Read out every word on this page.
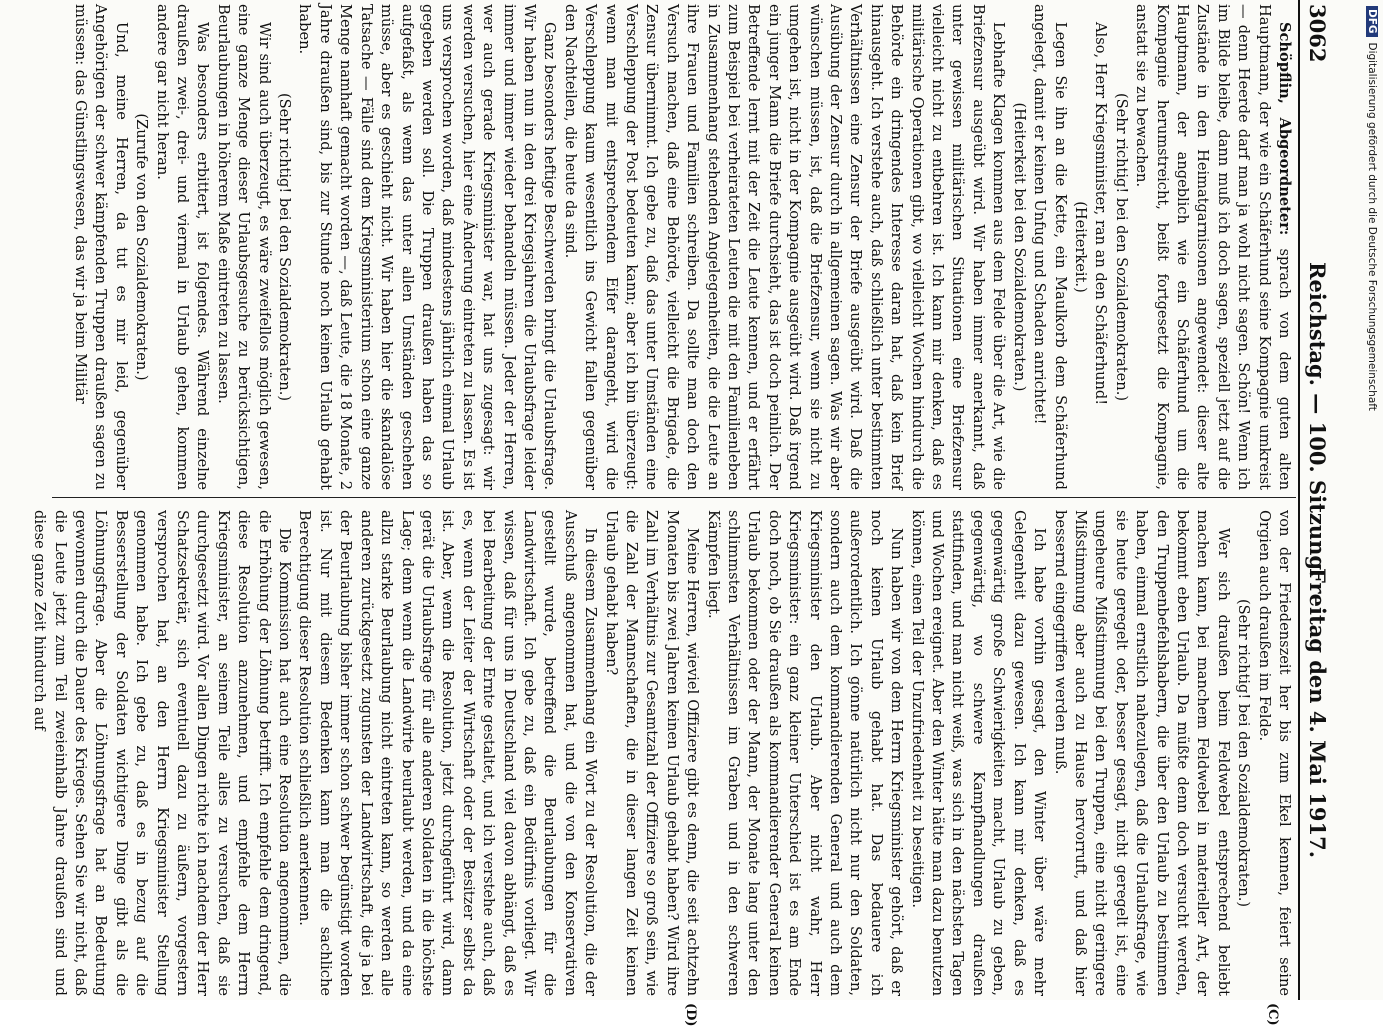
3062
Reichstag. — 100. Sitzung.
Freitag den 4. Mai 1917.
(C)
(D)

Schöpflin, Abgeordneter: sprach von dem guten alten Hauptmann, der wie ein Schäferhund seine Kompagnie umkreist — denn Heerde darf man ja wohl nicht sagen. Schön! Wenn ich im Bilde bleibe, dann muß ich doch sagen, speziell jetzt auf die Zustände in den Heimatgarnisonen angewendet: dieser alte Hauptmann, der angeblich wie ein Schäferhund um die Kompagnie herumstreicht, beißt fortgesetzt die Kompagnie, anstatt sie zu bewachen.

(Sehr richtig! bei den Sozialdemokraten.)

Also, Herr Kriegsminister, ran an den Schäferhund!

(Heiterkeit.)

Legen Sie ihn an die Kette, ein Maulkorb dem Schäferhund angelegt, damit er keinen Unfug und Schaden anrichtet!

(Heiterkeit bei den Sozialdemokraten.)

Lebhafte Klagen kommen aus dem Felde über die Art, wie die Briefzensur ausgeübt wird. Wir haben immer anerkannt, daß unter gewissen militärischen Situationen eine Briefzensur vielleicht nicht zu entbehren ist. Ich kann mir denken, daß es militärische Operationen gibt, wo vielleicht Wochen hindurch die Behörde ein dringendes Interesse daran hat, daß kein Brief hinausgeht. Ich verstehe auch, daß schließlich unter bestimmten Verhältnissen eine Zensur der Briefe ausgeübt wird. Daß die Ausübung der Zensur durch in allgemeinen sagen. Was wir aber wünschen müssen, ist, daß die Briefzensur, wenn sie nicht zu umgehen ist, nicht in der Kompagnie ausgeübt wird. Daß irgend ein junger Mann die Briefe durchsieht, das ist doch peinlich. Der Betreffende lernt mit der Zeit die Leute kennen, und er erfährt zum Beispiel bei verheirateten Leuten die mit den Familienleben in Zusammenhang stehenden Angelegenheiten, die die Leute an ihre Frauen und Familien schreiben. Da sollte man doch den Versuch machen, daß eine Behörde, vielleicht die Brigade, die Zensur übernimmt. Ich gebe zu, daß das unter Umständen eine Verschleppung der Post bedeuten kann; aber ich bin überzeugt: wenn man mit entsprechendem Eifer darangeht, wird die Verschleppung kaum wesentlich ins Gewicht fallen gegenüber den Nachteilen, die heute da sind.

Ganz besonders heftige Beschwerden bringt die Urlaubsfrage. Wir haben nun in den drei Kriegsjahren die Urlaubsfrage leider immer und immer wieder behandeln müssen. Jeder der Herren, wer auch gerade Kriegsminister war, hat uns zugesagt: wir werden versuchen, hier eine Änderung eintreten zu lassen. Es ist uns versprochen worden, daß mindestens jährlich einmal Urlaub gegeben werden soll. Die Truppen draußen haben das so aufgefaßt, als wenn das unter allen Umständen geschehen müsse, aber es geschieht nicht. Wir haben hier die skandalöse Tatsache — Fälle sind dem Kriegsministerium schon eine ganze Menge namhaft gemacht worden —, daß Leute, die 18 Monate, 2 Jahre draußen sind, bis zur Stunde noch keinen Urlaub gehabt haben.

(Sehr richtig! bei den Sozialdemokraten.)

Wir sind auch überzeugt, es wäre zweifellos möglich gewesen, eine ganze Menge dieser Urlaubsgesuche zu berücksichtigen, Beurlaubungen in höherem Maße eintreten zu lassen.

Was besonders erbittert, ist folgendes. Während einzelne draußen zwei-, drei- und viermal in Urlaub gehen, kommen andere gar nicht heran.

(Zurufe von den Sozialdemokraten.)

Und, meine Herren, da tut es mir leid, gegenüber Angehörigen der schwer kämpfenden Truppen draußen sagen zu müssen: das Günstlingswesen, das wir ja beim Militär

von der Friedenszeit her bis zum Ekel kennen, feiert seine Orgien auch draußen im Felde.

(Sehr richtig! bei den Sozialdemokraten.)

Wer sich draußen beim Feldwebel entsprechend beliebt machen kann, bei manchem Feldwebel in materieller Art, der bekommt eben Urlaub. Da müßte denn doch versucht werden, den Truppenbefehlshabern, die über den Urlaub zu bestimmen haben, einmal ernstlich nahezulegen, daß die Urlaubsfrage, wie sie heute geregelt oder, besser gesagt, nicht geregelt ist, eine ungeheure Mißstimmung bei den Truppen, eine nicht geringere Mißstimmung aber auch zu Hause hervorruft, und daß hier bessernd eingegriffen werden muß.

Ich habe vorhin gesagt, den Winter über wäre mehr Gelegenheit dazu gewesen. Ich kann mir denken, daß es gegenwärtig große Schwierigkeiten macht, Urlaub zu geben, gegenwärtig, wo schwere Kampfhandlungen draußen stattfinden, und man nicht weiß, was sich in den nächsten Tagen und Wochen ereignet. Aber den Winter hätte man dazu benutzen können, einen Teil der Unzufriedenheit zu beseitigen.

Nun haben wir von dem Herrn Kriegsminister gehört, daß er noch keinen Urlaub gehabt hat. Das bedauere ich außerordentlich. Ich gönne natürlich nicht nur den Soldaten, sondern auch dem kommandierenden General und auch dem Kriegsminister den Urlaub. Aber nicht wahr, Herr Kriegsminister: ein ganz kleiner Unterschied ist es am Ende doch noch, ob Sie draußen als kommandierender General keinen Urlaub bekommen oder der Mann, der Monate lang unter den schlimmsten Verhältnissen im Graben und in den schweren Kämpfen liegt.

Meine Herren, wieviel Offiziere gibt es denn, die seit achtzehn Monaten bis zwei Jahren keinen Urlaub gehabt haben? Wird ihre Zahl im Verhältnis zur Gesamtzahl der Offiziere so groß sein, wie die Zahl der Mannschaften, die in dieser langen Zeit keinen Urlaub gehabt haben?

In diesem Zusammenhang ein Wort zu der Resolution, die der Ausschuß angenommen hat, und die von den Konservativen gestellt wurde, betreffend die Beurlaubungen für die Landwirtschaft. Ich gebe zu, daß ein Bedürfnis vorliegt. Wir wissen, daß für uns in Deutschland viel davon abhängt, daß es bei Bearbeitung der Ernte gestaltet, und ich verstehe auch, daß es, wenn der Leiter der Wirtschaft oder der Besitzer selbst da ist. Aber, wenn die Resolution, jetzt durchgeführt wird, dann gerät die Urlaubsfrage für alle anderen Soldaten in die höchste Lage; denn wenn die Landwirte beurlaubt werden, und da eine allzu starke Beurlaubung nicht eintreten kann, so werden alle anderen zurückgesetzt zugunsten der Landwirtschaft, die ja bei der Beurlaubung bisher immer schon schwer begünstigt worden ist. Nur mit diesem Bedenken kann man die sachliche Berechtigung dieser Resolution schließlich anerkennen.

Die Kommission hat auch eine Resolution angenommen, die die Erhöhung der Löhnung betrifft. Ich empfehle dem dringend, diese Resolution anzunehmen, und empfehle dem Herrn Kriegsminister, an seinem Teile alles zu versuchen, daß sie durchgesetzt wird. Vor allen Dingen richte ich nachdem der Herr Schatzsekretär, sich eventuell dazu zu äußern, vorgestern versprochen hat, an den Herrn Kriegsminister Stellung genommen habe. Ich gebe zu, daß es in bezug auf die Besserstellung der Soldaten wichtigere Dinge gibt als die Löhnungsfrage. Aber die Löhnungsfrage hat an Bedeutung gewonnen durch die Dauer des Krieges. Sehen Sie wir nicht, daß die Leute jetzt zum Teil zweieinhalb Jahre draußen sind und diese ganze Zeit hindurch auf

DFGDigitalisierung gefördert durch die Deutsche Forschungsgemeinschaft
